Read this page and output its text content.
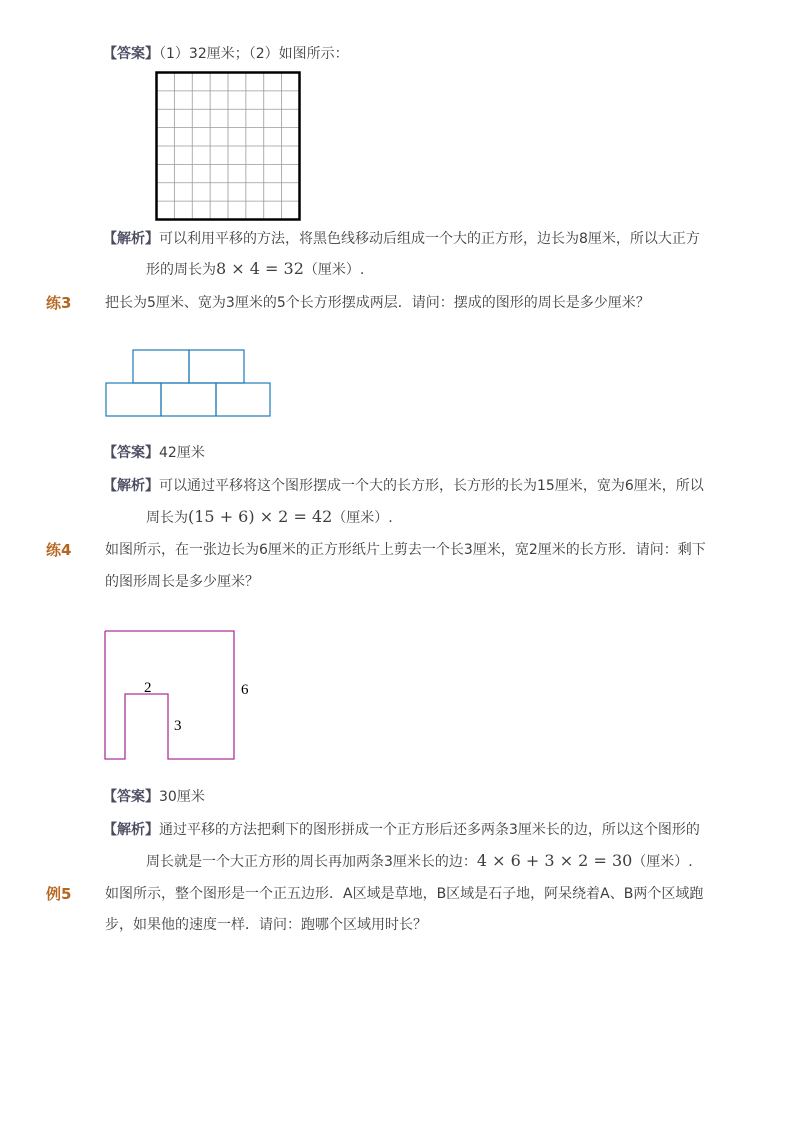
【答案】（1）32厘米；（2）如图所示：
【解析】可以利用平移的方法，将黑色线移动后组成一个大的正方形，边长为8厘米，所以大正方
形的周长为8 × 4 = 32（厘米）.
练3 把长为5厘米、宽为3厘米的5个长方形摆成两层．请问：摆成的图形的周长是多少厘米？
【答案】42厘米
【解析】可以通过平移将这个图形摆成一个大的长方形，长方形的长为15厘米，宽为6厘米，所以
周长为(15 + 6) × 2 = 42（厘米）.
练4 如图所示，在一张边长为6厘米的正方形纸片上剪去一个长3厘米，宽2厘米的长方形．请问：剩下
的图形周长是多少厘米？
2
3
6
【答案】30厘米
【解析】通过平移的方法把剩下的图形拼成一个正方形后还多两条3厘米长的边，所以这个图形的
周长就是一个大正方形的周长再加两条3厘米长的边：4 × 6 + 3 × 2 = 30（厘米）.
例5 如图所示，整个图形是一个正五边形．A区域是草地，B区域是石子地，阿呆绕着A、B两个区域跑
步，如果他的速度一样．请问：跑哪个区域用时长？
